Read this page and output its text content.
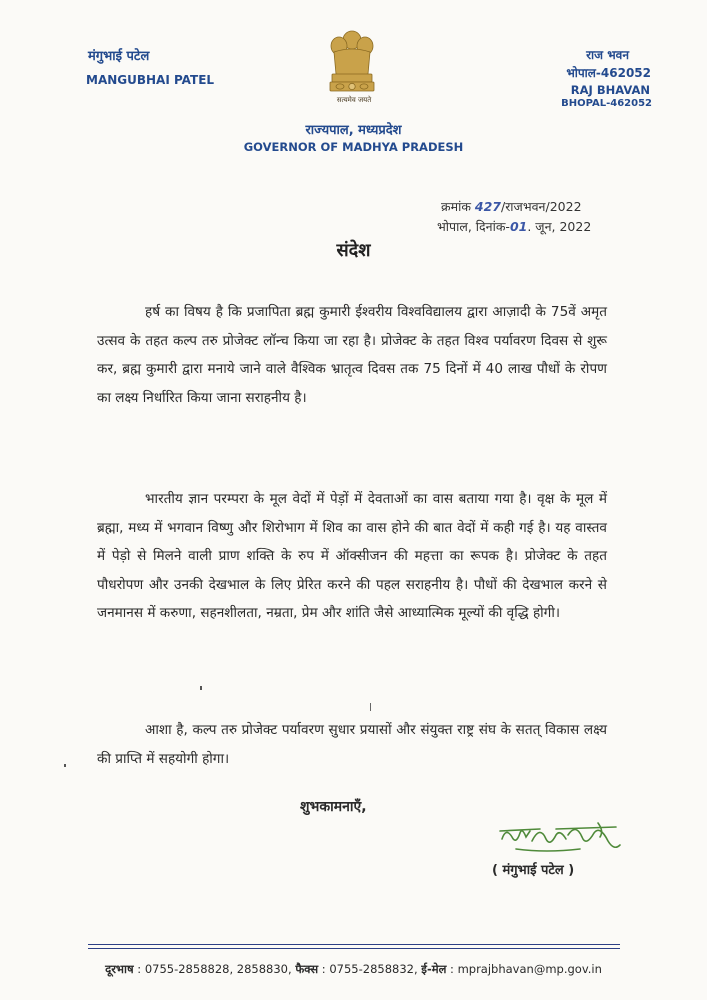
मंगुभाई पटेल
MANGUBHAI PATEL
राज भवन
भोपाल-462052
RAJ BHAVAN
BHOPAL-462052
सत्यमेव जयते
राज्यपाल, मध्यप्रदेश
GOVERNOR OF MADHYA PRADESH
क्रमांक 427/राजभवन/2022
भोपाल, दिनांक-01. जून, 2022
संदेश
हर्ष का विषय है कि प्रजापिता ब्रह्म कुमारी ईश्वरीय विश्वविद्यालय द्वारा आज़ादी के 75वें अमृत उत्सव के तहत कल्प तरु प्रोजेक्ट लॉन्च किया जा रहा है। प्रोजेक्ट के तहत विश्व पर्यावरण दिवस से शुरू कर, ब्रह्म कुमारी द्वारा मनाये जाने वाले वैश्विक भ्रातृत्व दिवस तक 75 दिनों में 40 लाख पौधों के रोपण का लक्ष्य निर्धारित किया जाना सराहनीय है।
भारतीय ज्ञान परम्परा के मूल वेदों में पेड़ों में देवताओं का वास बताया गया है। वृक्ष के मूल में ब्रह्मा, मध्य में भगवान विष्णु और शिरोभाग में शिव का वास होने की बात वेदों में कही गई है। यह वास्तव में पेड़ो से मिलने वाली प्राण शक्ति के रुप में ऑक्सीजन की महत्ता का रूपक है। प्रोजेक्ट के तहत पौधरोपण और उनकी देखभाल के लिए प्रेरित करने की पहल सराहनीय है। पौधों की देखभाल करने से जनमानस में करुणा, सहनशीलता, नम्रता, प्रेम और शांति जैसे आध्यात्मिक मूल्यों की वृद्धि होगी।
आशा है, कल्प तरु प्रोजेक्ट पर्यावरण सुधार प्रयासों और संयुक्त राष्ट्र संघ के सतत् विकास लक्ष्य की प्राप्ति में सहयोगी होगा।
शुभकामनाएँ,
( मंगुभाई पटेल )
दूरभाष : 0755-2858828, 2858830, फैक्स : 0755-2858832, ई-मेल : mprajbhavan@mp.gov.in
